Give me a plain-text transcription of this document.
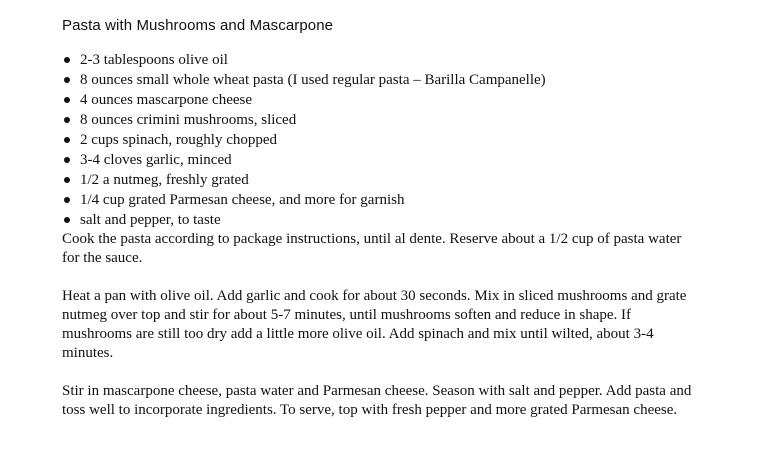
Pasta with Mushrooms and Mascarpone
2-3 tablespoons olive oil
8 ounces small whole wheat pasta (I used regular pasta – Barilla Campanelle)
4 ounces mascarpone cheese
8 ounces crimini mushrooms, sliced
2 cups spinach, roughly chopped
3-4 cloves garlic, minced
1/2 a nutmeg, freshly grated
1/4 cup grated Parmesan cheese, and more for garnish
salt and pepper, to taste

Cook the pasta according to package instructions, until al dente. Reserve about a 1/2 cup of pasta water for the sauce.

Heat a pan with olive oil. Add garlic and cook for about 30 seconds. Mix in sliced mushrooms and grate nutmeg over top and stir for about 5-7 minutes, until mushrooms soften and reduce in shape. If mushrooms are still too dry add a little more olive oil. Add spinach and mix until wilted, about 3-4 minutes.

Stir in mascarpone cheese, pasta water and Parmesan cheese. Season with salt and pepper. Add pasta and toss well to incorporate ingredients. To serve, top with fresh pepper and more grated Parmesan cheese.
